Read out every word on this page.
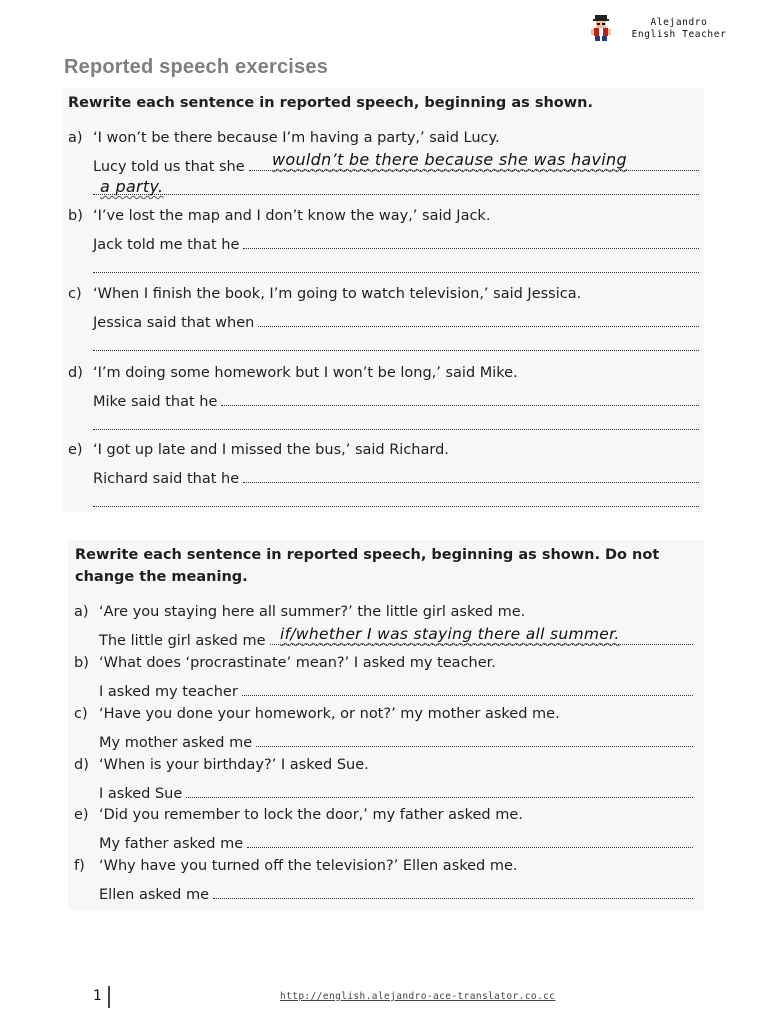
Alejandro
English Teacher
Reported speech exercises

Rewrite each sentence in reported speech, beginning as shown.

a) ‘I won’t be there because I’m having a party,’ said Lucy.
Lucy told us that she wouldn’t be there because she was having
a party.
b) ‘I’ve lost the map and I don’t know the way,’ said Jack.
Jack told me that he
c) ‘When I finish the book, I’m going to watch television,’ said Jessica.
Jessica said that when
d) ‘I’m doing some homework but I won’t be long,’ said Mike.
Mike said that he
e) ‘I got up late and I missed the bus,’ said Richard.
Richard said that he

Rewrite each sentence in reported speech, beginning as shown. Do not change the meaning.

a) ‘Are you staying here all summer?’ the little girl asked me.
The little girl asked me if/whether I was staying there all summer.
b) ‘What does ‘procrastinate’ mean?’ I asked my teacher.
I asked my teacher
c) ‘Have you done your homework, or not?’ my mother asked me.
My mother asked me
d) ‘When is your birthday?’ I asked Sue.
I asked Sue
e) ‘Did you remember to lock the door,’ my father asked me.
My father asked me
f) ‘Why have you turned off the television?’ Ellen asked me.
Ellen asked me
1	http://english.alejandro-ace-translator.co.cc
